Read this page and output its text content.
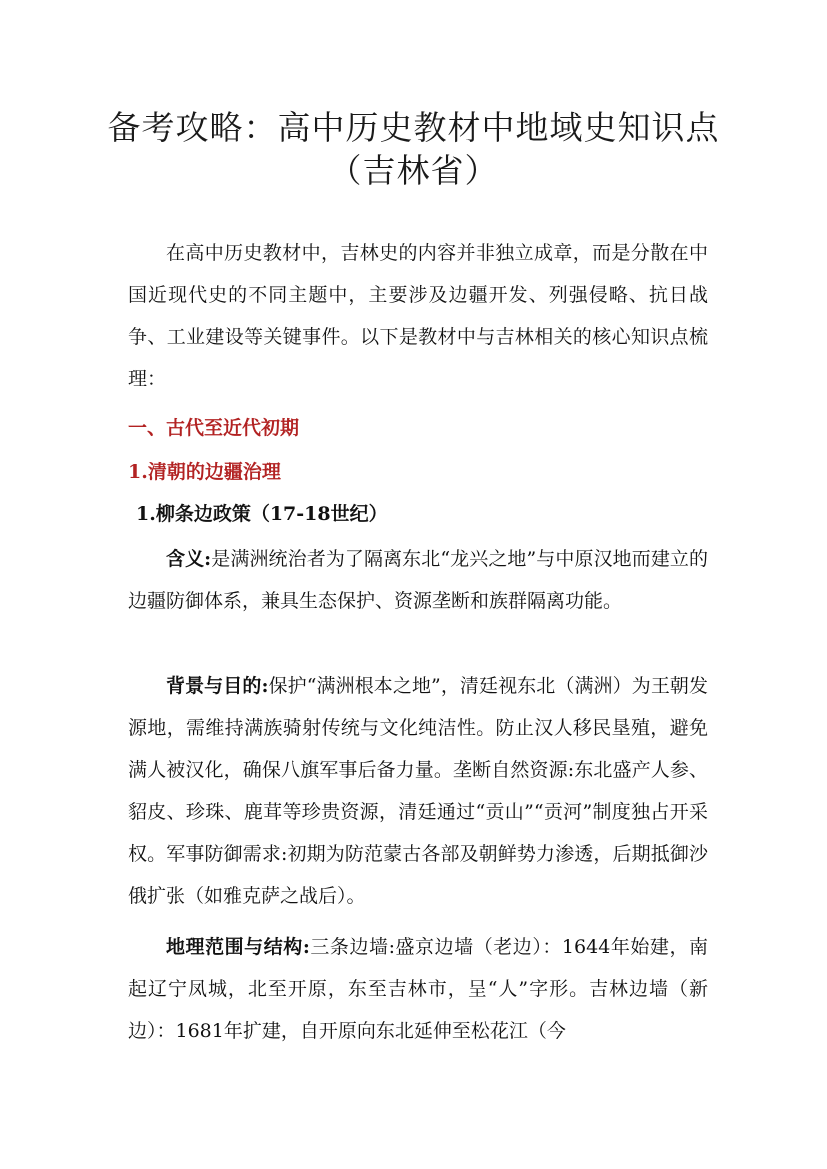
备考攻略：高中历史教材中地域史知识点
（吉林省）

在高中历史教材中，吉林史的内容并非独立成章，而是分散在中国近现代史的不同主题中，主要涉及边疆开发、列强侵略、抗日战争、工业建设等关键事件。以下是教材中与吉林相关的核心知识点梳理：

一、古代至近代初期

1.清朝的边疆治理

1.柳条边政策（17-18世纪）

含义:是满洲统治者为了隔离东北“龙兴之地”与中原汉地而建立的边疆防御体系，兼具生态保护、资源垄断和族群隔离功能。

背景与目的:保护“满洲根本之地”，清廷视东北（满洲）为王朝发源地，需维持满族骑射传统与文化纯洁性。防止汉人移民垦殖，避免满人被汉化，确保八旗军事后备力量。垄断自然资源:东北盛产人参、貂皮、珍珠、鹿茸等珍贵资源，清廷通过“贡山”“贡河”制度独占开采权。军事防御需求:初期为防范蒙古各部及朝鲜势力渗透，后期抵御沙俄扩张（如雅克萨之战后）。

地理范围与结构:三条边墙:盛京边墙（老边）：1644年始建，南起辽宁凤城，北至开原，东至吉林市，呈“人”字形。吉林边墙（新边）：1681年扩建，自开原向东北延伸至松花江（今
